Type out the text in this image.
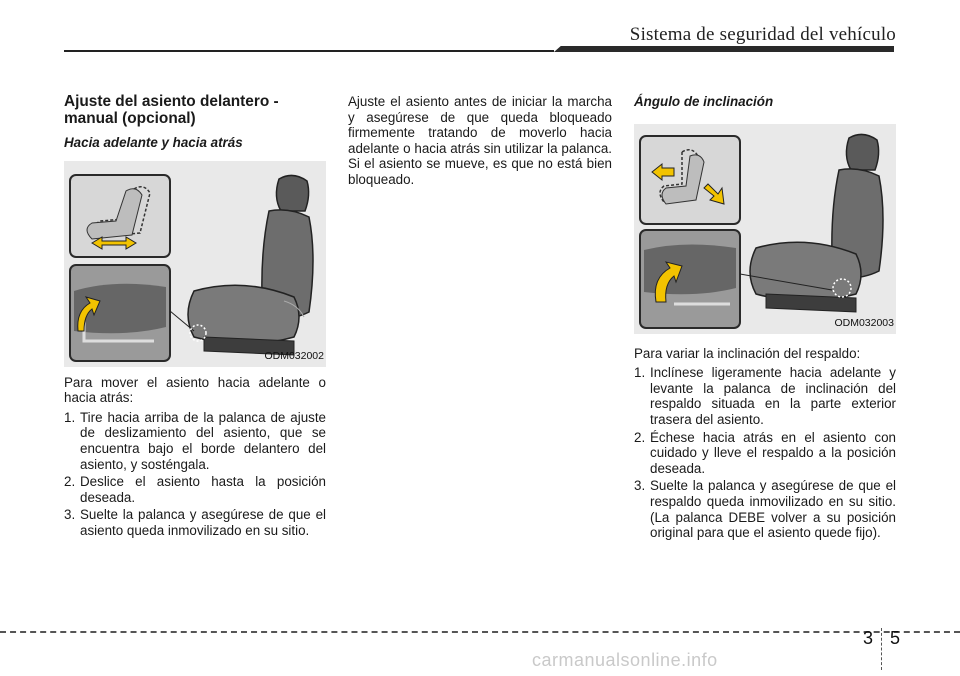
Sistema de seguridad del vehículo
Ajuste del asiento delantero - manual (opcional)
Hacia adelante y hacia atrás
ODM032002

Para mover el asiento hacia adelante o hacia atrás:

1. Tire hacia arriba de la palanca de ajuste de deslizamiento del asiento, que se encuentra bajo el borde delantero del asiento, y sosténgala.
2. Deslice el asiento hasta la posición deseada.
3. Suelte la palanca y asegúrese de que el asiento queda inmovilizado en su sitio.

Ajuste el asiento antes de iniciar la marcha y asegúrese de que queda bloqueado firmemente tratando de moverlo hacia adelante o hacia atrás sin utilizar la palanca. Si el asiento se mueve, es que no está bien bloqueado.

Ángulo de inclinación
ODM032003

Para variar la inclinación del respaldo:

1. Inclínese ligeramente hacia adelante y levante la palanca de inclinación del respaldo situada en la parte exterior trasera del asiento.
2. Échese hacia atrás en el asiento con cuidado y lleve el respaldo a la posición deseada.
3. Suelte la palanca y asegúrese de que el respaldo queda inmovilizado en su sitio. (La palanca DEBE volver a su posición original para que el asiento quede fijo).
3 5
carmanualsonline.info
